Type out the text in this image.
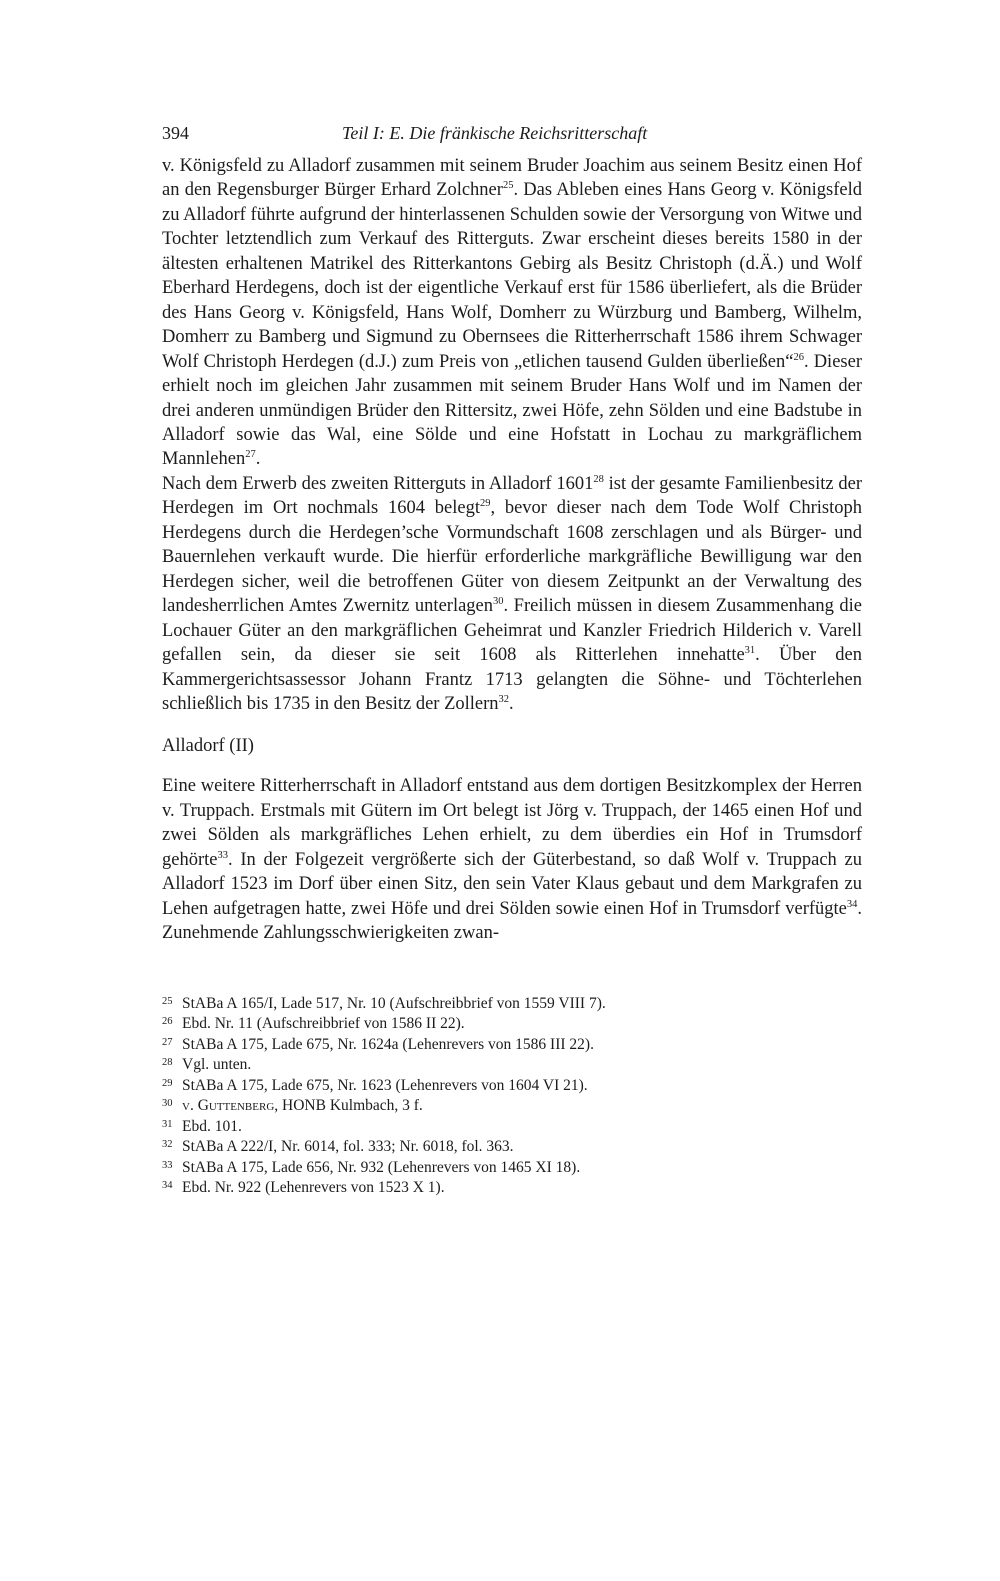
394	Teil I: E. Die fränkische Reichsritterschaft

v. Königsfeld zu Alladorf zusammen mit seinem Bruder Joachim aus seinem Besitz einen Hof an den Regensburger Bürger Erhard Zolchner$^{25}$. Das Ableben eines Hans Georg v. Königsfeld zu Alladorf führte aufgrund der hinterlassenen Schulden sowie der Versorgung von Witwe und Tochter letztendlich zum Verkauf des Ritterguts. Zwar erscheint dieses bereits 1580 in der ältesten erhaltenen Matrikel des Ritterkantons Gebirg als Besitz Christoph (d.Ä.) und Wolf Eberhard Herdegens, doch ist der eigentliche Verkauf erst für 1586 überliefert, als die Brüder des Hans Georg v. Königsfeld, Hans Wolf, Domherr zu Würzburg und Bamberg, Wilhelm, Domherr zu Bamberg und Sigmund zu Obernsees die Ritterherrschaft 1586 ihrem Schwager Wolf Christoph Herdegen (d.J.) zum Preis von „etlichen tausend Gulden überließen“$^{26}$. Dieser erhielt noch im gleichen Jahr zusammen mit seinem Bruder Hans Wolf und im Namen der drei anderen unmündigen Brüder den Rittersitz, zwei Höfe, zehn Sölden und eine Badstube in Alladorf sowie das Wal, eine Sölde und eine Hofstatt in Lochau zu markgräflichem Mannlehen$^{27}$.

Nach dem Erwerb des zweiten Ritterguts in Alladorf 1601$^{28}$ ist der gesamte Familienbesitz der Herdegen im Ort nochmals 1604 belegt$^{29}$, bevor dieser nach dem Tode Wolf Christoph Herdegens durch die Herdegen’sche Vormundschaft 1608 zerschlagen und als Bürger- und Bauernlehen verkauft wurde. Die hierfür erforderliche markgräfliche Bewilligung war den Herdegen sicher, weil die betroffenen Güter von diesem Zeitpunkt an der Verwaltung des landesherrlichen Amtes Zwernitz unterlagen$^{30}$. Freilich müssen in diesem Zusammenhang die Lochauer Güter an den markgräflichen Geheimrat und Kanzler Friedrich Hilderich v. Varell gefallen sein, da dieser sie seit 1608 als Ritterlehen innehatte$^{31}$. Über den Kammergerichtsassessor Johann Frantz 1713 gelangten die Söhne- und Töchterlehen schließlich bis 1735 in den Besitz der Zollern$^{32}$.

Alladorf (II)

Eine weitere Ritterherrschaft in Alladorf entstand aus dem dortigen Besitzkomplex der Herren v. Truppach. Erstmals mit Gütern im Ort belegt ist Jörg v. Truppach, der 1465 einen Hof und zwei Sölden als markgräfliches Lehen erhielt, zu dem überdies ein Hof in Trumsdorf gehörte$^{33}$. In der Folgezeit vergrößerte sich der Güterbestand, so daß Wolf v. Truppach zu Alladorf 1523 im Dorf über einen Sitz, den sein Vater Klaus gebaut und dem Markgrafen zu Lehen aufgetragen hatte, zwei Höfe und drei Sölden sowie einen Hof in Trumsdorf verfügte$^{34}$. Zunehmende Zahlungsschwierigkeiten zwan-

25 StABa A 165/I, Lade 517, Nr. 10 (Aufschreibbrief von 1559 VIII 7).
26 Ebd. Nr. 11 (Aufschreibbrief von 1586 II 22).
27 StABa A 175, Lade 675, Nr. 1624a (Lehenrevers von 1586 III 22).
28 Vgl. unten.
29 StABa A 175, Lade 675, Nr. 1623 (Lehenrevers von 1604 VI 21).
30 v. Guttenberg, HONB Kulmbach, 3 f.
31 Ebd. 101.
32 StABa A 222/I, Nr. 6014, fol. 333; Nr. 6018, fol. 363.
33 StABa A 175, Lade 656, Nr. 932 (Lehenrevers von 1465 XI 18).
34 Ebd. Nr. 922 (Lehenrevers von 1523 X 1).
